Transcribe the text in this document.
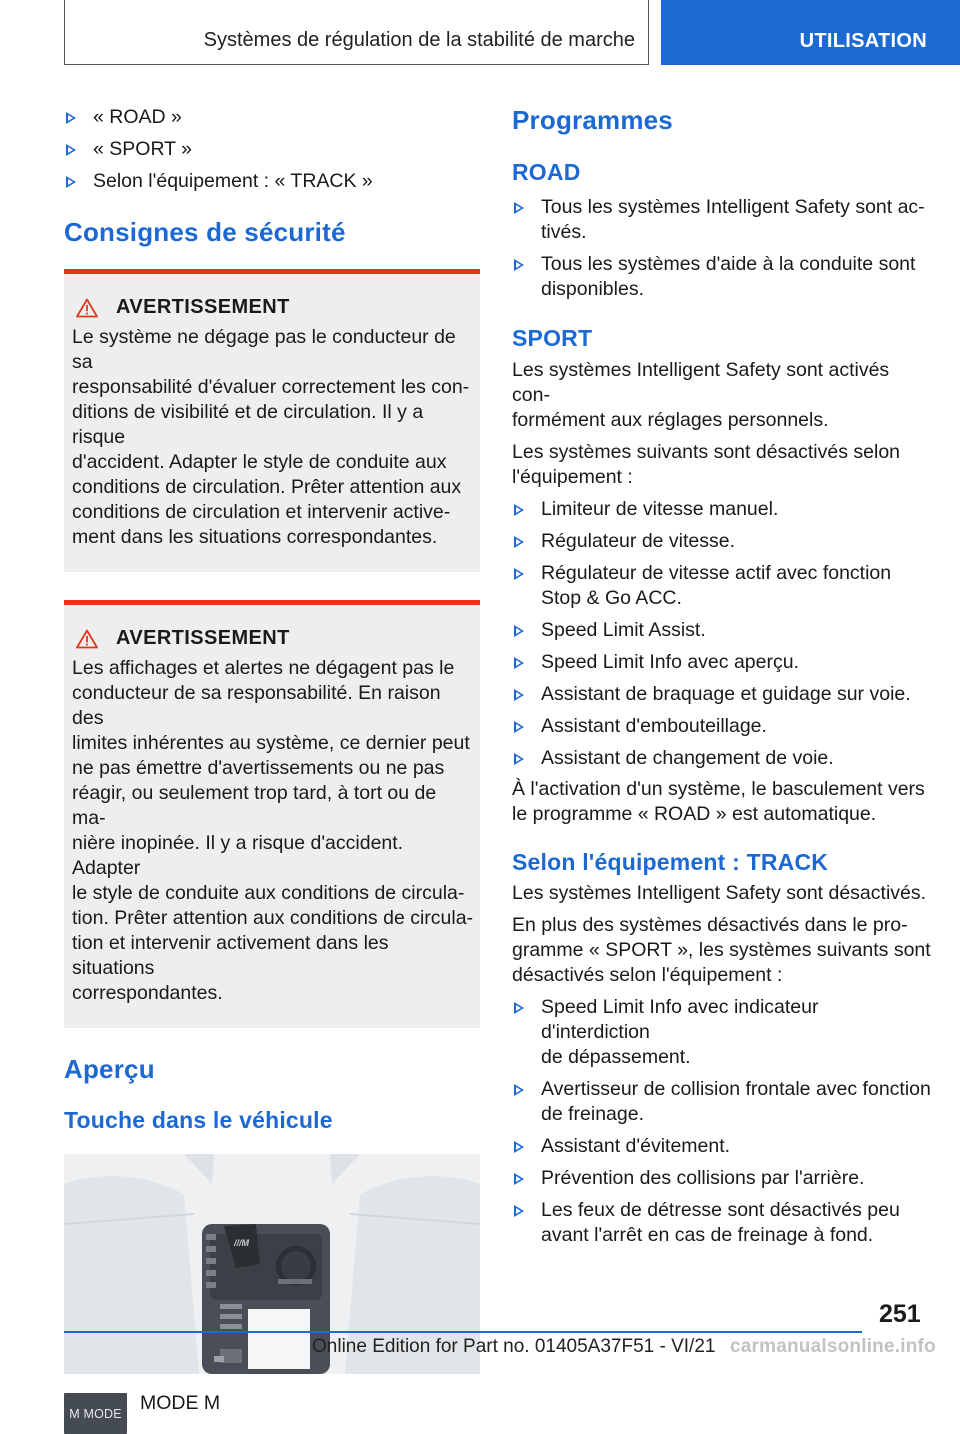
Systèmes de régulation de la stabilité de marche	UTILISATION
« ROAD »
« SPORT »
Selon l'équipement : « TRACK »
Consignes de sécurité
AVERTISSEMENT

Le système ne dégage pas le conducteur de sa
responsabilité d'évaluer correctement les con-
ditions de visibilité et de circulation. Il y a risque
d'accident. Adapter le style de conduite aux
conditions de circulation. Prêter attention aux
conditions de circulation et intervenir active-
ment dans les situations correspondantes.

AVERTISSEMENT

Les affichages et alertes ne dégagent pas le
conducteur de sa responsabilité. En raison des
limites inhérentes au système, ce dernier peut
ne pas émettre d'avertissements ou ne pas
réagir, ou seulement trop tard, à tort ou de ma-
nière inopinée. Il y a risque d'accident. Adapter
le style de conduite aux conditions de circula-
tion. Prêter attention aux conditions de circula-
tion et intervenir activement dans les situations
correspondantes.

Aperçu
Touche dans le véhicule
///M
M MODE MODE M
Programmes
ROAD
Tous les systèmes Intelligent Safety sont ac-
tivés.
Tous les systèmes d'aide à la conduite sont
disponibles.
SPORT

Les systèmes Intelligent Safety sont activés con-
formément aux réglages personnels.

Les systèmes suivants sont désactivés selon
l'équipement :

Limiteur de vitesse manuel.
Régulateur de vitesse.
Régulateur de vitesse actif avec fonction
Stop & Go ACC.
Speed Limit Assist.
Speed Limit Info avec aperçu.
Assistant de braquage et guidage sur voie.
Assistant d'embouteillage.
Assistant de changement de voie.

À l'activation d'un système, le basculement vers
le programme « ROAD » est automatique.

Selon l'équipement : TRACK

Les systèmes Intelligent Safety sont désactivés.

En plus des systèmes désactivés dans le pro-
gramme « SPORT », les systèmes suivants sont
désactivés selon l'équipement :

Speed Limit Info avec indicateur d'interdiction
de dépassement.
Avertisseur de collision frontale avec fonction
de freinage.
Assistant d'évitement.
Prévention des collisions par l'arrière.
Les feux de détresse sont désactivés peu
avant l'arrêt en cas de freinage à fond.
251
Online Edition for Part no. 01405A37F51 - VI/21 carmanualsonline.info
